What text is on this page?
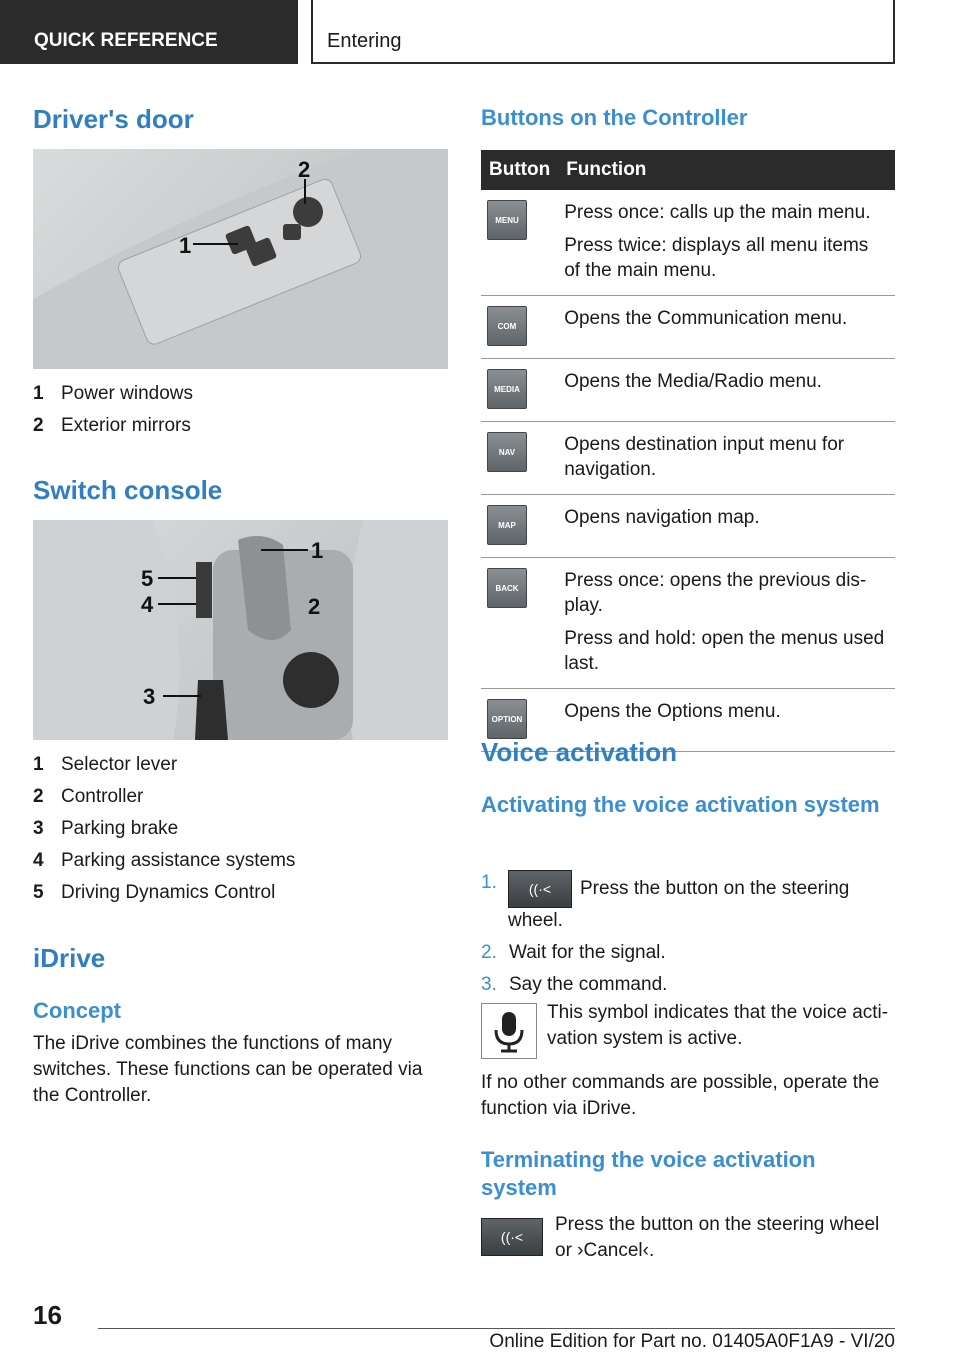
QUICK REFERENCE	Entering
Driver's door
1
2
1 Power windows
2 Exterior mirrors
Switch console
1
2
3
4
5
1 Selector lever
2 Controller
3 Parking brake
4 Parking assistance systems
5 Driving Dynamics Control
iDrive
Concept
The iDrive combines the functions of many switches. These functions can be operated via the Controller.
Buttons on the Controller
Button	Function

MENU	Press once: calls up the main menu.

Press twice: displays all menu items of the main menu.

COM	Opens the Communication menu.

MEDIA	Opens the Media/Radio menu.

NAV	Opens destination input menu for navigation.

MAP	Opens navigation map.

BACK	Press once: opens the previous dis-play.

Press and hold: open the menus used last.

OPTION	Opens the Options menu.

Voice activation
Activating the voice activation system
1.	((·< Press the button on the steering wheel.
2. Wait for the signal.
3. Say the command.
This symbol indicates that the voice acti-vation system is active.
If no other commands are possible, operate the function via iDrive.
Terminating the voice activation system
((·<
Press the button on the steering wheel or ›Cancel‹.
16
Online Edition for Part no. 01405A0F1A9 - VI/20
